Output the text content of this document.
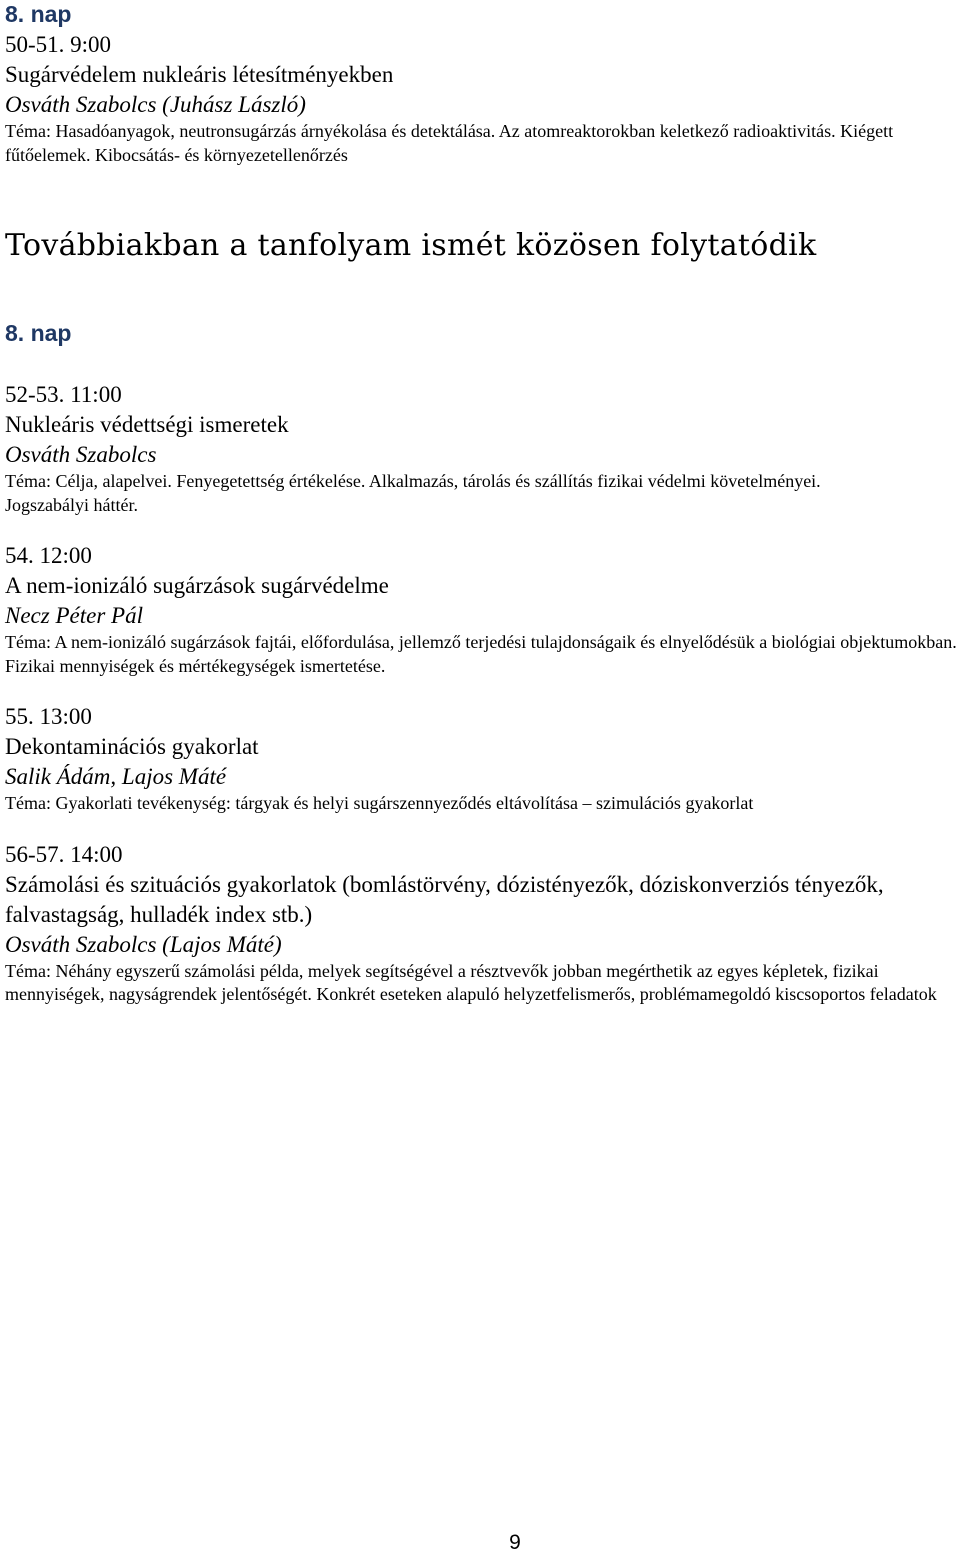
8. nap

50-51. 9:00

Sugárvédelem nukleáris létesítményekben

Osváth Szabolcs (Juhász László)

Téma: Hasadóanyagok, neutronsugárzás árnyékolása és detektálása. Az atomreaktorokban keletkező radioaktivitás. Kiégett fűtőelemek. Kibocsátás- és környezetellenőrzés

Továbbiakban a tanfolyam ismét közösen folytatódik

8. nap

52-53. 11:00

Nukleáris védettségi ismeretek

Osváth Szabolcs

Téma: Célja, alapelvei. Fenyegetettség értékelése. Alkalmazás, tárolás és szállítás fizikai védelmi követelményei. Jogszabályi háttér.

54. 12:00

A nem-ionizáló sugárzások sugárvédelme

Necz Péter Pál

Téma: A nem-ionizáló sugárzások fajtái, előfordulása, jellemző terjedési tulajdonságaik és elnyelődésük a biológiai objektumokban. Fizikai mennyiségek és mértékegységek ismertetése.

55. 13:00

Dekontaminációs gyakorlat

Salik Ádám, Lajos Máté

Téma: Gyakorlati tevékenység: tárgyak és helyi sugárszennyeződés eltávolítása – szimulációs gyakorlat

56-57. 14:00

Számolási és szituációs gyakorlatok (bomlástörvény, dózistényezők, dóziskonverziós tényezők, falvastagság, hulladék index stb.)

Osváth Szabolcs (Lajos Máté)

Téma: Néhány egyszerű számolási példa, melyek segítségével a résztvevők jobban megérthetik az egyes képletek, fizikai mennyiségek, nagyságrendek jelentőségét. Konkrét eseteken alapuló helyzetfelismerős, problémamegoldó kiscsoportos feladatok

9
